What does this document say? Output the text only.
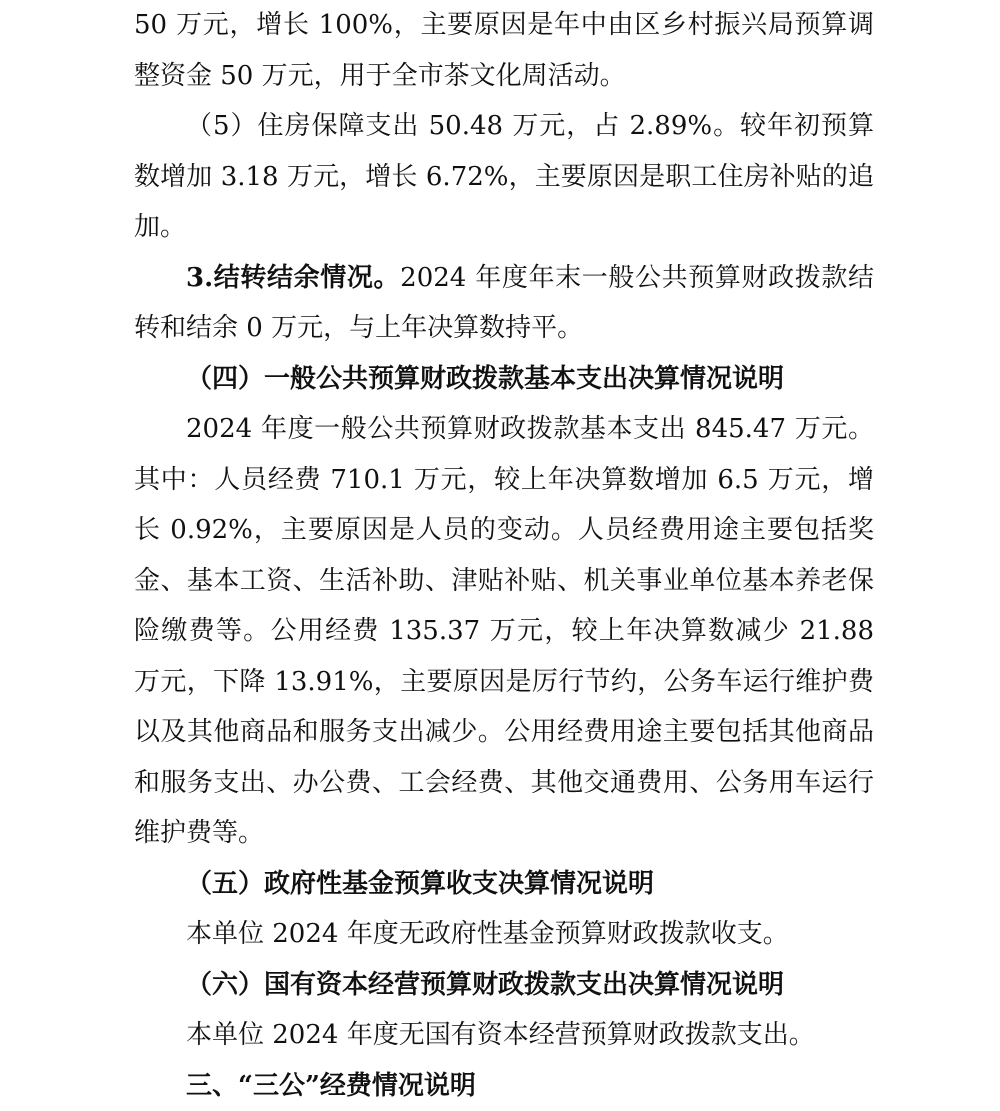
50 万元，增长 100%，主要原因是年中由区乡村振兴局预算调整资金 50 万元，用于全市茶文化周活动。

（5）住房保障支出 50.48 万元，占 2.89%。较年初预算数增加 3.18 万元，增长 6.72%，主要原因是职工住房补贴的追加。

3.结转结余情况。2024 年度年末一般公共预算财政拨款结转和结余 0 万元，与上年决算数持平。

（四）一般公共预算财政拨款基本支出决算情况说明

2024 年度一般公共预算财政拨款基本支出 845.47 万元。其中：人员经费 710.1 万元，较上年决算数增加 6.5 万元，增长 0.92%，主要原因是人员的变动。人员经费用途主要包括奖金、基本工资、生活补助、津贴补贴、机关事业单位基本养老保险缴费等。公用经费 135.37 万元，较上年决算数减少 21.88 万元，下降 13.91%，主要原因是厉行节约，公务车运行维护费以及其他商品和服务支出减少。公用经费用途主要包括其他商品和服务支出、办公费、工会经费、其他交通费用、公务用车运行维护费等。

（五）政府性基金预算收支决算情况说明

本单位 2024 年度无政府性基金预算财政拨款收支。

（六）国有资本经营预算财政拨款支出决算情况说明

本单位 2024 年度无国有资本经营预算财政拨款支出。

三、“三公”经费情况说明
